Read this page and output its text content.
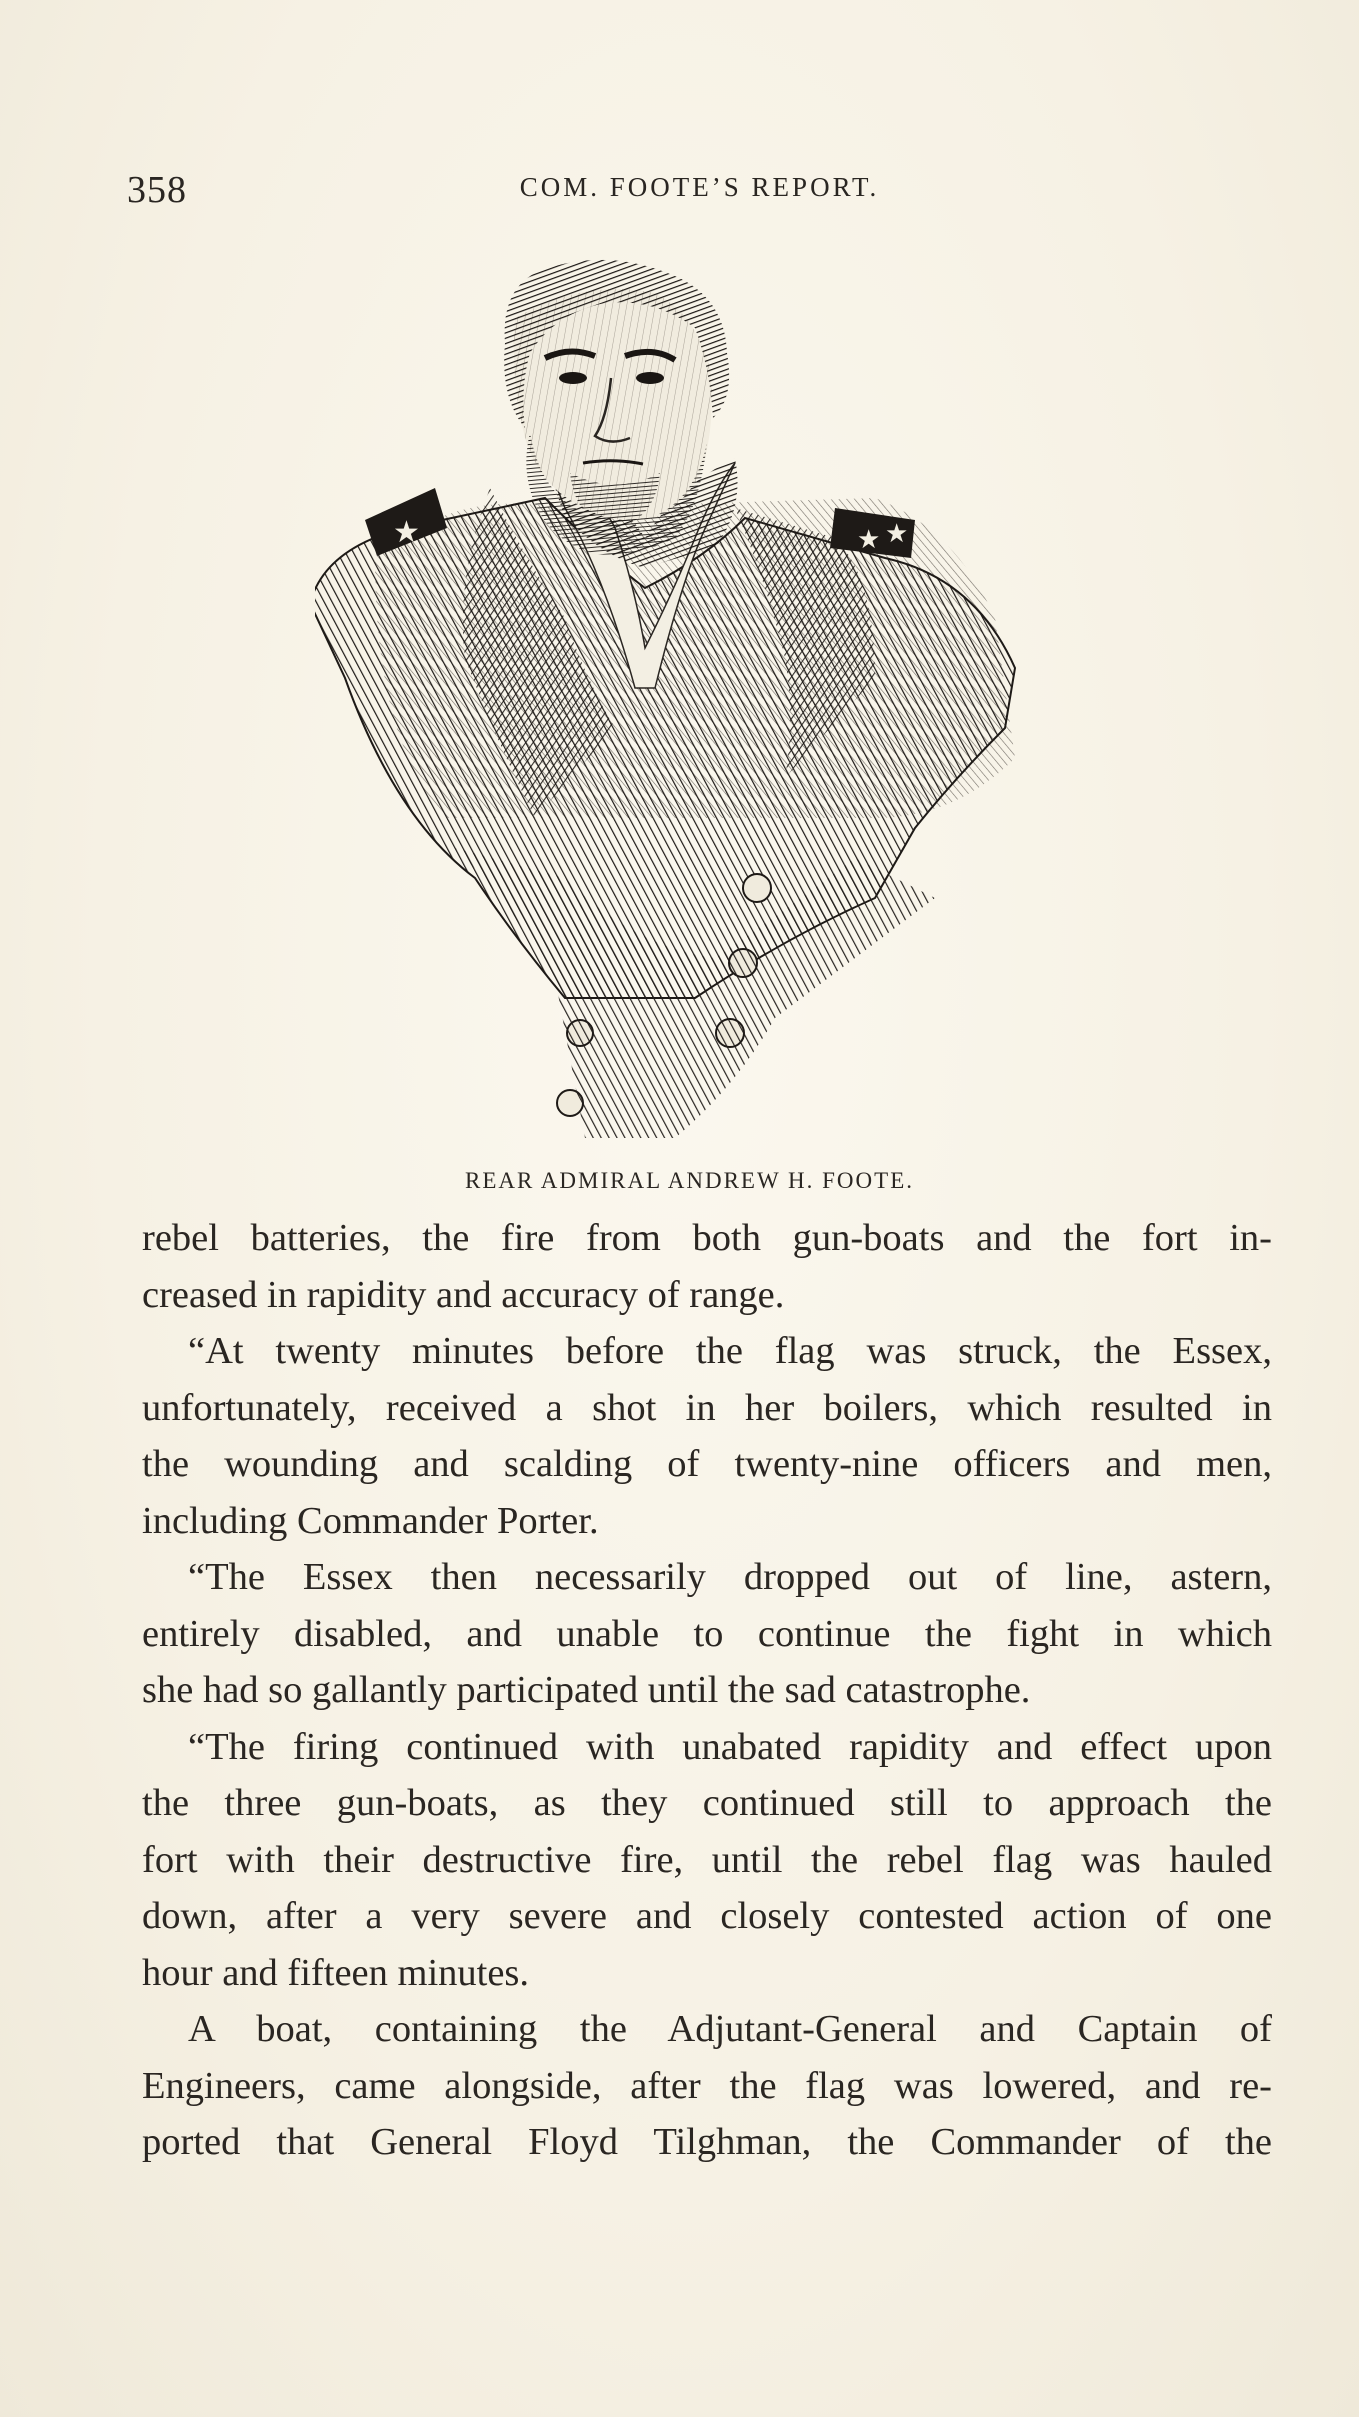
358	COM. FOOTE’S REPORT.
★	★ ★
REAR ADMIRAL ANDREW H. FOOTE.

rebel batteries, the fire from both gun-boats and the fort in-
creased in rapidity and accuracy of range.

“At twenty minutes before the flag was struck, the Essex,
unfortunately, received a shot in her boilers, which resulted in
the wounding and scalding of twenty-nine officers and men,
including Commander Porter.

“The Essex then necessarily dropped out of line, astern,
entirely disabled, and unable to continue the fight in which
she had so gallantly participated until the sad catastrophe.

“The firing continued with unabated rapidity and effect upon
the three gun-boats, as they continued still to approach the
fort with their destructive fire, until the rebel flag was hauled
down, after a very severe and closely contested action of one
hour and fifteen minutes.

A boat, containing the Adjutant-General and Captain of
Engineers, came alongside, after the flag was lowered, and re-
ported that General Floyd Tilghman, the Commander of the
